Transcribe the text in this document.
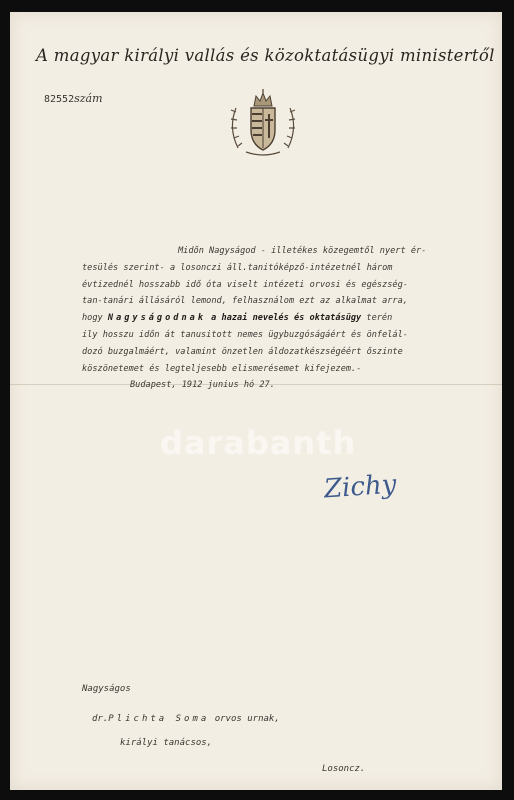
A magyar királyi vallás és közoktatásügyi ministertől
82552szám
Midőn Nagyságod - illetékes közegemtől nyert ér-
tesülés szerint- a losonczi áll.tanitóképző-intézetnél három
évtizednél hosszabb idő óta viselt intézeti orvosi és egészség-
tan-tanári állásáról lemond, felhasználom ezt az alkalmat arra,
hogy Nagyságodnak a hazai nevelés és oktatásügy terén
ily hosszu időn át tanusitott nemes ügybuzgóságáért és önfelál-
dozó buzgalmáért, valamint önzetlen áldozatkészségéért őszinte
köszönetemet és legteljesebb elismerésemet kifejezem.-
Budapest, 1912 junius hó 27.
Zichy
Nagyságos
dr.Plichta Soma orvos urnak,
királyi tanácsos,
Losoncz.
darabanth
